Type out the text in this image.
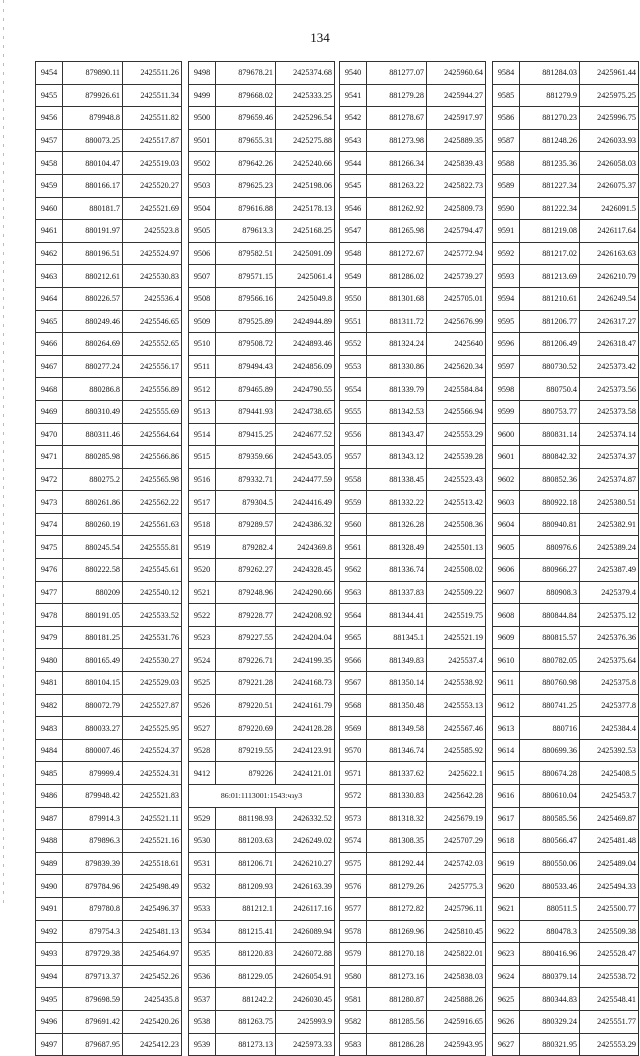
134
9454	879890.11	2425511.26
9455	879926.61	2425511.34
9456	879948.8	2425511.82
9457	880073.25	2425517.87
9458	880104.47	2425519.03
9459	880166.17	2425520.27
9460	880181.7	2425521.69
9461	880191.97	2425523.8
9462	880196.51	2425524.97
9463	880212.61	2425530.83
9464	880226.57	2425536.4
9465	880249.46	2425546.65
9466	880264.69	2425552.65
9467	880277.24	2425556.17
9468	880286.8	2425556.89
9469	880310.49	2425555.69
9470	880311.46	2425564.64
9471	880285.98	2425566.86
9472	880275.2	2425565.98
9473	880261.86	2425562.22
9474	880260.19	2425561.63
9475	880245.54	2425555.81
9476	880222.58	2425545.61
9477	880209	2425540.12
9478	880191.05	2425533.52
9479	880181.25	2425531.76
9480	880165.49	2425530.27
9481	880104.15	2425529.03
9482	880072.79	2425527.87
9483	880033.27	2425525.95
9484	880007.46	2425524.37
9485	879999.4	2425524.31
9486	879948.42	2425521.83
9487	879914.3	2425521.11
9488	879896.3	2425521.16
9489	879839.39	2425518.61
9490	879784.96	2425498.49
9491	879780.8	2425496.37
9492	879754.3	2425481.13
9493	879729.38	2425464.97
9494	879713.37	2425452.26
9495	879698.59	2425435.8
9496	879691.42	2425420.26
9497	879687.95	2425412.23
9498	879678.21	2425374.68
9499	879668.02	2425333.25
9500	879659.46	2425296.54
9501	879655.31	2425275.88
9502	879642.26	2425240.66
9503	879625.23	2425198.06
9504	879616.88	2425178.13
9505	879613.3	2425168.25
9506	879582.51	2425091.09
9507	879571.15	2425061.4
9508	879566.16	2425049.8
9509	879525.89	2424944.89
9510	879508.72	2424893.46
9511	879494.43	2424856.09
9512	879465.89	2424790.55
9513	879441.93	2424738.65
9514	879415.25	2424677.52
9515	879359.66	2424543.05
9516	879332.71	2424477.59
9517	879304.5	2424416.49
9518	879289.57	2424386.32
9519	879282.4	2424369.8
9520	879262.27	2424328.45
9521	879248.96	2424290.66
9522	879228.77	2424208.92
9523	879227.55	2424204.04
9524	879226.71	2424199.35
9525	879221.28	2424168.73
9526	879220.51	2424161.79
9527	879220.69	2424128.28
9528	879219.55	2424123.91
9412	879226	2424121.01
86:01:1113001:1543:чзу3		
9529	881198.93	2426332.52
9530	881203.63	2426249.02
9531	881206.71	2426210.27
9532	881209.93	2426163.39
9533	881212.1	2426117.16
9534	881215.41	2426089.94
9535	881220.83	2426072.88
9536	881229.05	2426054.91
9537	881242.2	2426030.45
9538	881263.75	2425993.9
9539	881273.13	2425973.33
9540	881277.07	2425960.64
9541	881279.28	2425944.27
9542	881278.67	2425917.97
9543	881273.98	2425889.35
9544	881266.34	2425839.43
9545	881263.22	2425822.73
9546	881262.92	2425809.73
9547	881265.98	2425794.47
9548	881272.67	2425772.94
9549	881286.02	2425739.27
9550	881301.68	2425705.01
9551	881311.72	2425676.99
9552	881324.24	2425640
9553	881330.86	2425620.34
9554	881339.79	2425584.84
9555	881342.53	2425566.94
9556	881343.47	2425553.29
9557	881343.12	2425539.28
9558	881338.45	2425523.43
9559	881332.22	2425513.42
9560	881326.28	2425508.36
9561	881328.49	2425501.13
9562	881336.74	2425508.02
9563	881337.83	2425509.22
9564	881344.41	2425519.75
9565	881345.1	2425521.19
9566	881349.83	2425537.4
9567	881350.14	2425538.92
9568	881350.48	2425553.13
9569	881349.58	2425567.46
9570	881346.74	2425585.92
9571	881337.62	2425622.1
9572	881330.83	2425642.28
9573	881318.32	2425679.19
9574	881308.35	2425707.29
9575	881292.44	2425742.03
9576	881279.26	2425775.3
9577	881272.82	2425796.11
9578	881269.96	2425810.45
9579	881270.18	2425822.01
9580	881273.16	2425838.03
9581	881280.87	2425888.26
9582	881285.56	2425916.65
9583	881286.28	2425943.95
9584	881284.03	2425961.44
9585	881279.9	2425975.25
9586	881270.23	2425996.75
9587	881248.26	2426033.93
9588	881235.36	2426058.03
9589	881227.34	2426075.37
9590	881222.34	2426091.5
9591	881219.08	2426117.64
9592	881217.02	2426163.63
9593	881213.69	2426210.79
9594	881210.61	2426249.54
9595	881206.77	2426317.27
9596	881206.49	2426318.47
9597	880730.52	2425373.42
9598	880750.4	2425373.56
9599	880753.77	2425373.58
9600	880831.14	2425374.14
9601	880842.32	2425374.37
9602	880852.36	2425374.87
9603	880922.18	2425380.51
9604	880940.81	2425382.91
9605	880976.6	2425389.24
9606	880966.27	2425387.49
9607	880908.3	2425379.4
9608	880844.84	2425375.12
9609	880815.57	2425376.36
9610	880782.05	2425375.64
9611	880760.98	2425375.8
9612	880741.25	2425377.8
9613	880716	2425384.4
9614	880699.36	2425392.53
9615	880674.28	2425408.5
9616	880610.04	2425453.7
9617	880585.56	2425469.87
9618	880566.47	2425481.48
9619	880550.06	2425489.04
9620	880533.46	2425494.33
9621	880511.5	2425500.77
9622	880478.3	2425509.38
9623	880416.96	2425528.47
9624	880379.14	2425538.72
9625	880344.83	2425548.41
9626	880329.24	2425551.77
9627	880321.95	2425553.29
